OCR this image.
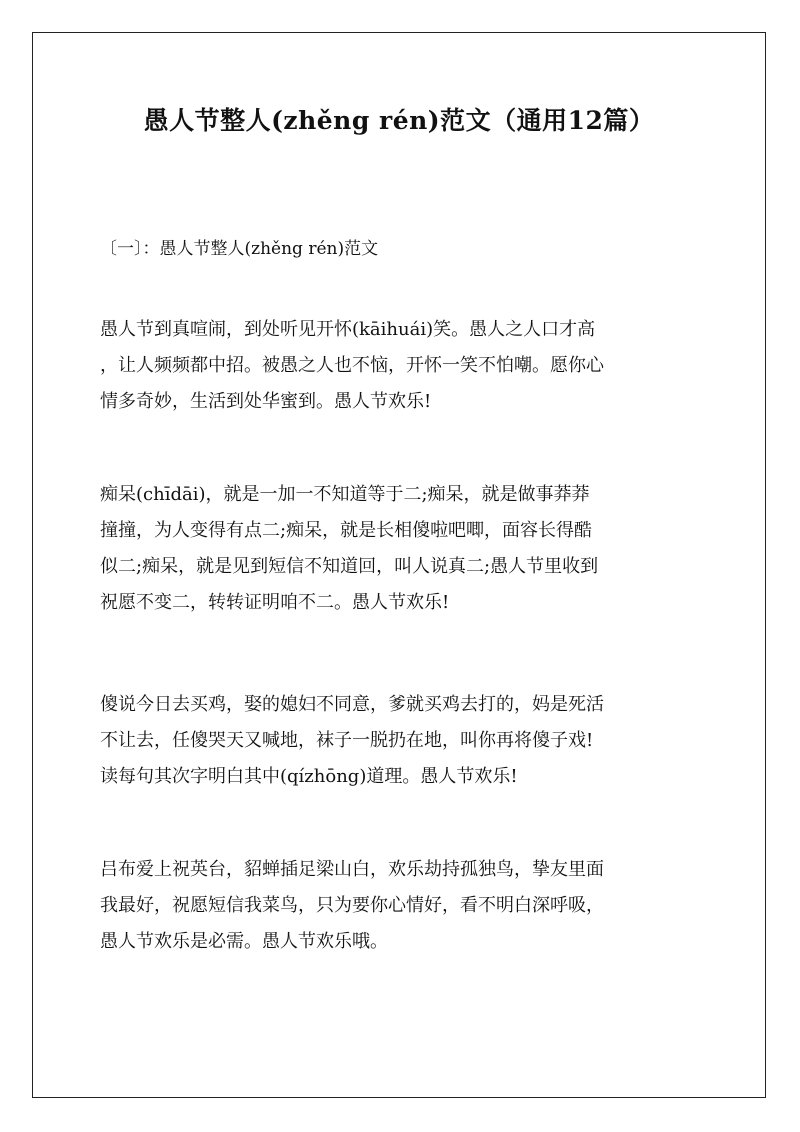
愚人节整人(zhěng rén)范文（通用12篇）
〔一〕：愚人节整人(zhěng rén)范文
愚人节到真喧闹，到处听见开怀(kāihuái)笑。愚人之人口才高
，让人频频都中招。被愚之人也不恼，开怀一笑不怕嘲。愿你心
情多奇妙，生活到处华蜜到。愚人节欢乐!
痴呆(chīdāi)，就是一加一不知道等于二;痴呆，就是做事莽莽
撞撞，为人变得有点二;痴呆，就是长相傻啦吧唧，面容长得酷
似二;痴呆，就是见到短信不知道回，叫人说真二;愚人节里收到
祝愿不变二，转转证明咱不二。愚人节欢乐!
傻说今日去买鸡，娶的媳妇不同意，爹就买鸡去打的，妈是死活
不让去，任傻哭天又喊地，袜子一脱扔在地，叫你再将傻子戏!
读每句其次字明白其中(qízhōng)道理。愚人节欢乐!
吕布爱上祝英台，貂蝉插足梁山白，欢乐劫持孤独鸟，挚友里面
我最好，祝愿短信我菜鸟，只为要你心情好，看不明白深呼吸，
愚人节欢乐是必需。愚人节欢乐哦。
